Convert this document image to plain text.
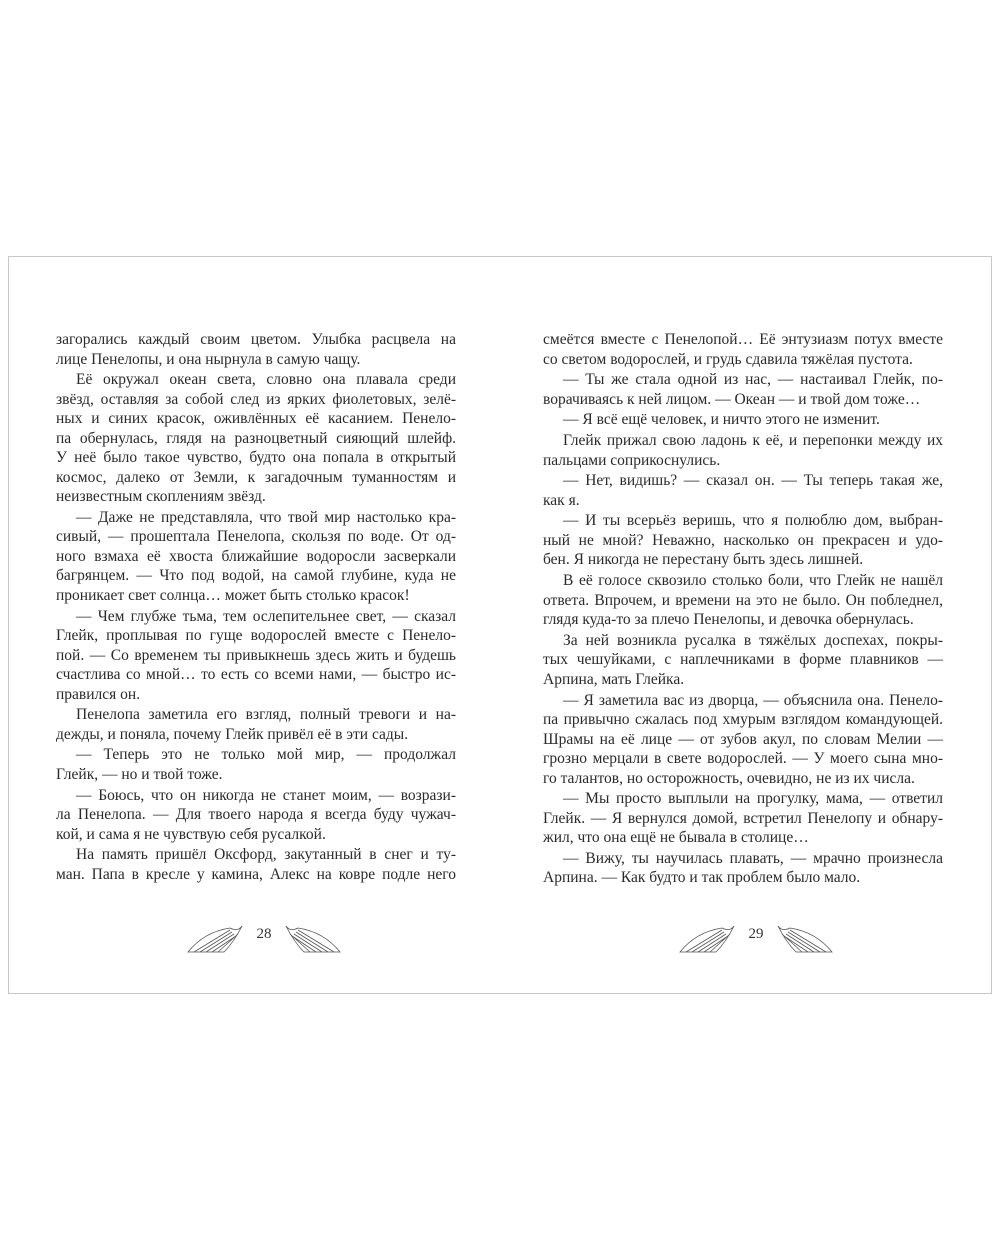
загорались каждый своим цветом. Улыбка расцвела на
лице Пенелопы, и она нырнула в самую чащу.
Её окружал океан света, словно она плавала среди
звёзд, оставляя за собой след из ярких фиолетовых, зелё-
ных и синих красок, оживлённых её касанием. Пенело-
па обернулась, глядя на разноцветный сияющий шлейф.
У неё было такое чувство, будто она попала в открытый
космос, далеко от Земли, к загадочным туманностям и
неизвестным скоплениям звёзд.
— Даже не представляла, что твой мир настолько кра-
сивый, — прошептала Пенелопа, скользя по воде. От од-
ного взмаха её хвоста ближайшие водоросли засверкали
багрянцем. — Что под водой, на самой глубине, куда не
проникает свет солнца… может быть столько красок!
— Чем глубже тьма, тем ослепительнее свет, — сказал
Глейк, проплывая по гуще водорослей вместе с Пенело-
пой. — Со временем ты привыкнешь здесь жить и будешь
счастлива со мной… то есть со всеми нами, — быстро ис-
правился он.
Пенелопа заметила его взгляд, полный тревоги и на-
дежды, и поняла, почему Глейк привёл её в эти сады.
— Теперь это не только мой мир, — продолжал
Глейк, — но и твой тоже.
— Боюсь, что он никогда не станет моим, — возрази-
ла Пенелопа. — Для твоего народа я всегда буду чужач-
кой, и сама я не чувствую себя русалкой.
На память пришёл Оксфорд, закутанный в снег и ту-
ман. Папа в кресле у камина, Алекс на ковре подле него
смеётся вместе с Пенелопой… Её энтузиазм потух вместе
со светом водорослей, и грудь сдавила тяжёлая пустота.
— Ты же стала одной из нас, — настаивал Глейк, по-
ворачиваясь к ней лицом. — Океан — и твой дом тоже…
— Я всё ещё человек, и ничто этого не изменит.
Глейк прижал свою ладонь к её, и перепонки между их
пальцами соприкоснулись.
— Нет, видишь? — сказал он. — Ты теперь такая же,
как я.
— И ты всерьёз веришь, что я полюблю дом, выбран-
ный не мной? Неважно, насколько он прекрасен и удо-
бен. Я никогда не перестану быть здесь лишней.
В её голосе сквозило столько боли, что Глейк не нашёл
ответа. Впрочем, и времени на это не было. Он побледнел,
глядя куда-то за плечо Пенелопы, и девочка обернулась.
За ней возникла русалка в тяжёлых доспехах, покры-
тых чешуйками, с наплечниками в форме плавников —
Арпина, мать Глейка.
— Я заметила вас из дворца, — объяснила она. Пенело-
па привычно сжалась под хмурым взглядом командующей.
Шрамы на её лице — от зубов акул, по словам Мелии —
грозно мерцали в свете водорослей. — У моего сына мно-
го талантов, но осторожность, очевидно, не из их числа.
— Мы просто выплыли на прогулку, мама, — ответил
Глейк. — Я вернулся домой, встретил Пенелопу и обнару-
жил, что она ещё не бывала в столице…
— Вижу, ты научилась плавать, — мрачно произнесла
Арпина. — Как будто и так проблем было мало.
28	29
